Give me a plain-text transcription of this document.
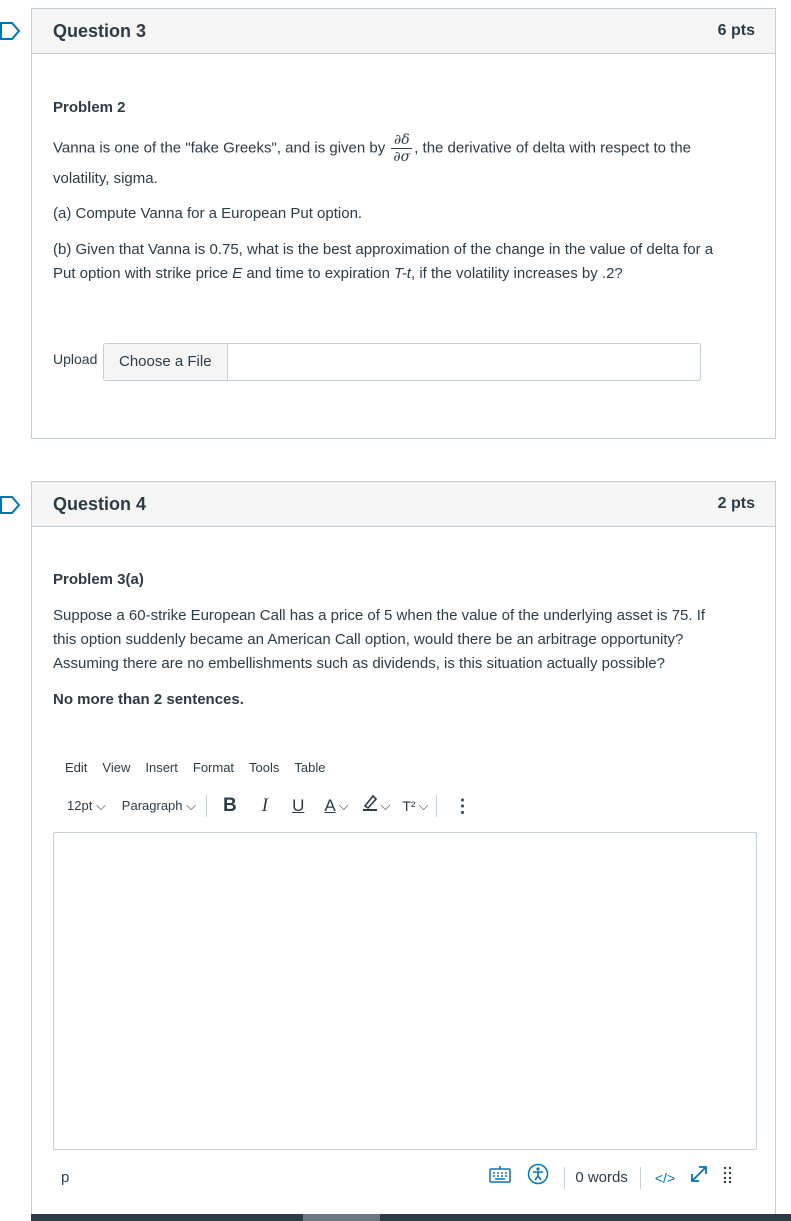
Question 3	6 pts

Problem 2

Vanna is one of the "fake Greeks", and is given by $\frac{\partial\delta}{\partial\sigma}$ , the derivative of delta with respect to the

volatility, sigma.

(a) Compute Vanna for a European Put option.

(b) Given that Vanna is 0.75, what is the best approximation of the change in the value of delta for a

Put option with strike price E and time to expiration T-t, if the volatility increases by .2?

Upload	Choose a File
Question 4	2 pts

Problem 3(a)

Suppose a 60-strike European Call has a price of 5 when the value of the underlying asset is 75. If

this option suddenly became an American Call option, would there be an arbitrage opportunity?

Assuming there are no embellishments such as dividends, is this situation actually possible?

No more than 2 sentences.

Edit View Insert Format Tools Table
12pt ⌵ Paragraph ⌵ B I U A ⌵ ⌵ T² ⌵ ⋮
p	0 words </>
